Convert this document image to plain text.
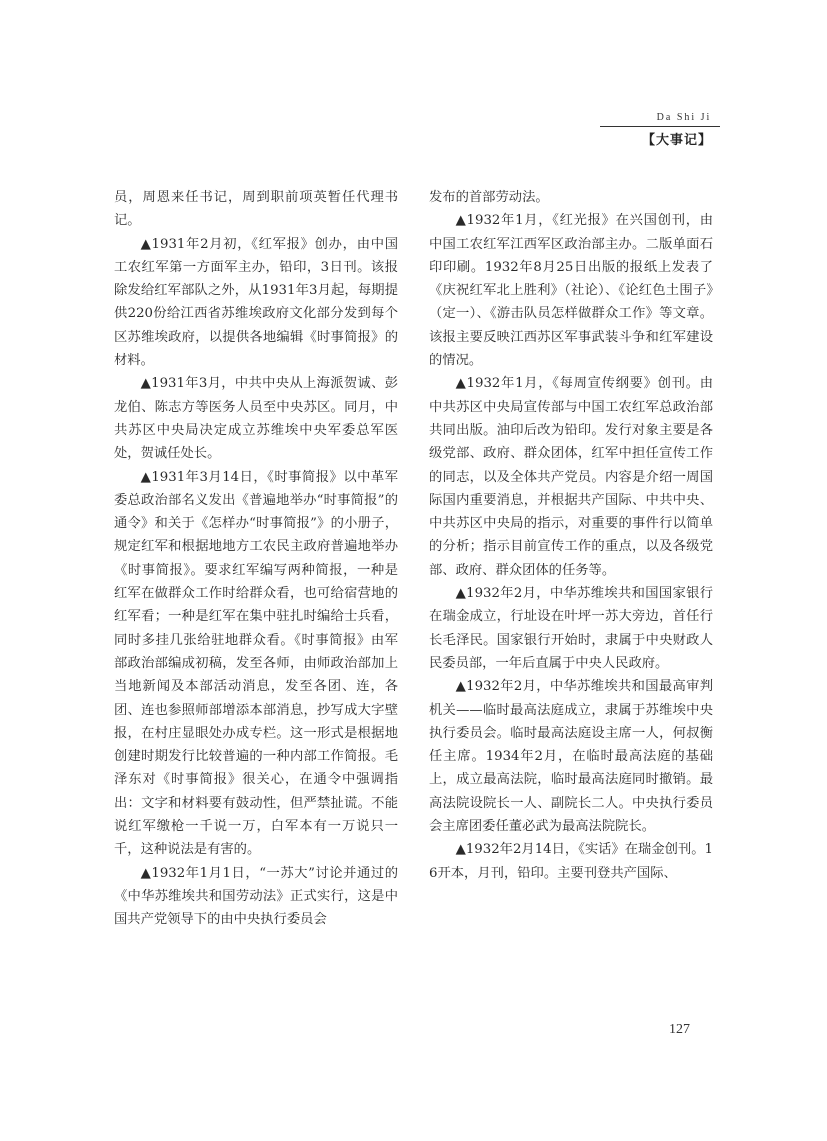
Da Shi Ji
【大事记】

员，周恩来任书记，周到职前项英暂任代理书记。

▲1931年2月初，《红军报》创办，由中国工农红军第一方面军主办，铅印，3日刊。该报除发给红军部队之外，从1931年3月起，每期提供220份给江西省苏维埃政府文化部分发到每个区苏维埃政府，以提供各地编辑《时事简报》的材料。

▲1931年3月，中共中央从上海派贺诚、彭龙伯、陈志方等医务人员至中央苏区。同月，中共苏区中央局决定成立苏维埃中央军委总军医处，贺诚任处长。

▲1931年3月14日，《时事简报》以中革军委总政治部名义发出《普遍地举办“时事简报”的通令》和关于《怎样办“时事简报”》的小册子，规定红军和根据地地方工农民主政府普遍地举办《时事简报》。要求红军编写两种简报，一种是红军在做群众工作时给群众看，也可给宿营地的红军看；一种是红军在集中驻扎时编给士兵看，同时多挂几张给驻地群众看。《时事简报》由军部政治部编成初稿，发至各师，由师政治部加上当地新闻及本部活动消息，发至各团、连，各团、连也参照师部增添本部消息，抄写成大字壁报，在村庄显眼处办成专栏。这一形式是根据地创建时期发行比较普遍的一种内部工作简报。毛泽东对《时事简报》很关心，在通令中强调指出：文字和材料要有鼓动性，但严禁扯谎。不能说红军缴枪一千说一万，白军本有一万说只一千，这种说法是有害的。

▲1932年1月1日，“一苏大”讨论并通过的《中华苏维埃共和国劳动法》正式实行，这是中国共产党领导下的由中央执行委员会

发布的首部劳动法。

▲1932年1月，《红光报》在兴国创刊，由中国工农红军江西军区政治部主办。二版单面石印印刷。1932年8月25日出版的报纸上发表了《庆祝红军北上胜利》（社论）、《论红色土围子》（定一）、《游击队员怎样做群众工作》等文章。该报主要反映江西苏区军事武装斗争和红军建设的情况。

▲1932年1月，《每周宣传纲要》创刊。由中共苏区中央局宣传部与中国工农红军总政治部共同出版。油印后改为铅印。发行对象主要是各级党部、政府、群众团体，红军中担任宣传工作的同志，以及全体共产党员。内容是介绍一周国际国内重要消息，并根据共产国际、中共中央、中共苏区中央局的指示，对重要的事件行以简单的分析；指示目前宣传工作的重点，以及各级党部、政府、群众团体的任务等。

▲1932年2月，中华苏维埃共和国国家银行在瑞金成立，行址设在叶坪一苏大旁边，首任行长毛泽民。国家银行开始时，隶属于中央财政人民委员部，一年后直属于中央人民政府。

▲1932年2月，中华苏维埃共和国最高审判机关——临时最高法庭成立，隶属于苏维埃中央执行委员会。临时最高法庭设主席一人，何叔衡任主席。1934年2月，在临时最高法庭的基础上，成立最高法院，临时最高法庭同时撤销。最高法院设院长一人、副院长二人。中央执行委员会主席团委任董必武为最高法院院长。

▲1932年2月14日，《实话》在瑞金创刊。16开本，月刊，铅印。主要刊登共产国际、

127
